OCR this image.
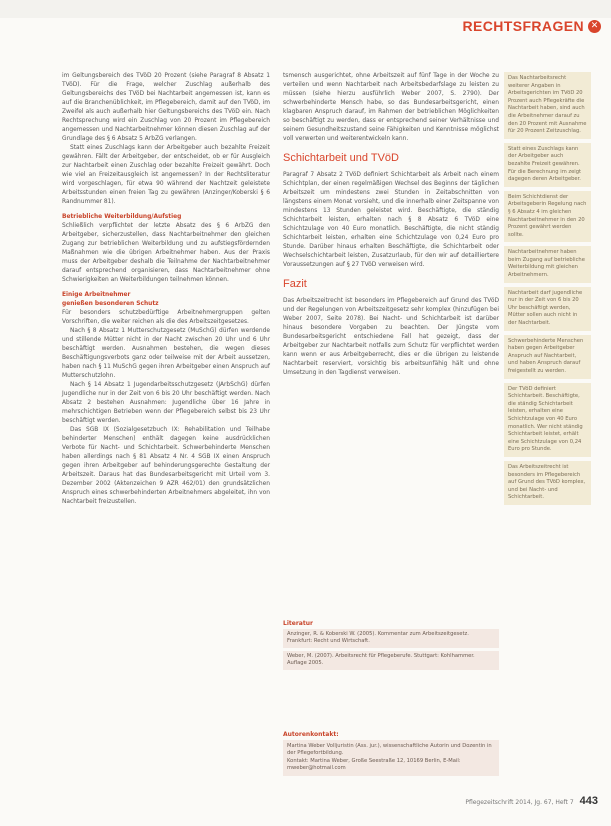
RECHTSFRAGEN ✕

im Geltungsbereich des TVöD 20 Prozent (siehe Paragraf 8 Absatz 1 TVöD). Für die Frage, welcher Zuschlag außerhalb des Geltungsbereichs des TVöD bei Nachtarbeit angemessen ist, kann es auf die Branchenüblichkeit, im Pflegebereich, damit auf den TVöD, im Zweifel als auch außerhalb hier Geltungsbereichs des TVöD ein. Nach Rechtsprechung wird ein Zuschlag von 20 Prozent im Pflegebereich angemessen und Nachtarbeitnehmer können diesen Zuschlag auf der Grundlage des § 6 Absatz 5 ArbZG verlangen.

Statt eines Zuschlags kann der Arbeitgeber auch bezahlte Freizeit gewähren. Fällt der Arbeitgeber, der entscheidet, ob er für Ausgleich zur Nachtarbeit einen Zuschlag oder bezahlte Freizeit gewährt. Doch wie viel an Freizeitausgleich ist angemessen? In der Rechtsliteratur wird vorgeschlagen, für etwa 90 während der Nachtzeit geleistete Arbeitsstunden einen freien Tag zu gewähren (Anzinger/Koberski § 6 Randnummer 81).

Betriebliche Weiterbildung/Aufstieg

Schließlich verpflichtet der letzte Absatz des § 6 ArbZG den Arbeitgeber, sicherzustellen, dass Nachtarbeitnehmer den gleichen Zugang zur betrieblichen Weiterbildung und zu aufstiegsfördernden Maßnahmen wie die übrigen Arbeitnehmer haben. Aus der Praxis muss der Arbeitgeber deshalb die Teilnahme der Nachtarbeitnehmer darauf entsprechend organisieren, dass Nachtarbeitnehmer ohne Schwierigkeiten an Weiterbildungen teilnehmen können.

Einige Arbeitnehmer
genießen besonderen Schutz

Für besonders schutzbedürftige Arbeitnehmergruppen gelten Vorschriften, die weiter reichen als die des Arbeitszeitgesetzes.

Nach § 8 Absatz 1 Mutterschutzgesetz (MuSchG) dürfen werdende und stillende Mütter nicht in der Nacht zwischen 20 Uhr und 6 Uhr beschäftigt werden. Ausnahmen bestehen, die wegen dieses Beschäftigungsverbots ganz oder teilweise mit der Arbeit aussetzen, haben nach § 11 MuSchG gegen ihren Arbeitgeber einen Anspruch auf Mutterschutzlohn.

Nach § 14 Absatz 1 Jugendarbeitsschutzgesetz (JArbSchG) dürfen Jugendliche nur in der Zeit von 6 bis 20 Uhr beschäftigt werden. Nach Absatz 2 bestehen Ausnahmen: Jugendliche über 16 Jahre in mehrschichtigen Betrieben wenn der Pflegebereich selbst bis 23 Uhr beschäftigt werden.

Das SGB IX (Sozialgesetzbuch IX: Rehabilitation und Teilhabe behinderter Menschen) enthält dagegen keine ausdrücklichen Verbote für Nacht- und Schichtarbeit. Schwerbehinderte Menschen haben allerdings nach § 81 Absatz 4 Nr. 4 SGB IX einen Anspruch gegen ihren Arbeitgeber auf behinderungsgerechte Gestaltung der Arbeitszeit. Daraus hat das Bundesarbeitsgericht mit Urteil vom 3. Dezember 2002 (Aktenzeichen 9 AZR 462/01) den grundsätzlichen Anspruch eines schwerbehinderten Arbeitnehmers abgeleitet, ihn von Nachtarbeit freizustellen.

tsmensch ausgerichtet, ohne Arbeitszeit auf fünf Tage in der Woche zu verteilen und wenn Nachtarbeit nach Arbeitsbedarfslage zu leisten zu müssen (siehe hierzu ausführlich Weber 2007, S. 2790). Der schwerbehinderte Mensch habe, so das Bundesarbeitsgericht, einen klagbaren Anspruch darauf, im Rahmen der betrieblichen Möglichkeiten so beschäftigt zu werden, dass er entsprechend seiner Verhältnisse und seinem Gesundheitszustand seine Fähigkeiten und Kenntnisse möglichst voll verwerten und weiterentwickeln kann.

Schichtarbeit und TVöD

Paragraf 7 Absatz 2 TVöD definiert Schichtarbeit als Arbeit nach einem Schichtplan, der einen regelmäßigen Wechsel des Beginns der täglichen Arbeitszeit um mindestens zwei Stunden in Zeitabschnitten von längstens einem Monat vorsieht, und die innerhalb einer Zeitspanne von mindestens 13 Stunden geleistet wird. Beschäftigte, die ständig Schichtarbeit leisten, erhalten nach § 8 Absatz 6 TVöD eine Schichtzulage von 40 Euro monatlich. Beschäftigte, die nicht ständig Schichtarbeit leisten, erhalten eine Schichtzulage von 0,24 Euro pro Stunde. Darüber hinaus erhalten Beschäftigte, die Schichtarbeit oder Wechselschichtarbeit leisten, Zusatzurlaub, für den wir auf detailliertere Voraussetzungen auf § 27 TVöD verweisen wird.

Fazit

Das Arbeitszeitrecht ist besonders im Pflegebereich auf Grund des TVöD und der Regelungen von Arbeitszeitgesetz sehr komplex (hinzufügen bei Weber 2007, Seite 2078). Bei Nacht- und Schichtarbeit ist darüber hinaus besondere Vorgaben zu beachten. Der Jüngste vom Bundesarbeitsgericht entschiedene Fall hat gezeigt, dass der Arbeitgeber zur Nachtarbeit notfalls zum Schutz für verpflichtet werden kann wenn er aus Arbeitgeberrecht, dies er die übrigen zu leistende Nachtarbeit reserviert, vorsichtig bis arbeitsunfähig hält und ohne Umsetzung in den Tagdienst verweisen.

Literatur
Anzinger, R. & Koberski W. (2005). Kommentar zum Arbeitszeitgesetz. Frankfurt: Recht und Wirtschaft.
Weber, M. (2007). Arbeitsrecht für Pflegeberufe. Stuttgart: Kohlhammer. Auflage 2005.
Autorenkontakt:
Martina Weber Volljuristin (Ass. jur.), wissenschaftliche Autorin und Dozentin in der Pflegefortbildung.
Kontakt: Martina Weber, Große Seestraße 12, 10169 Berlin, E-Mail: mweber@hotmail.com
Das Nachtarbeitsrecht weiterer Angaben in Arbeitsgerichten im TVöD 20 Prozent auch Pflegekräfte die Nachtarbeit haben, sind auch die Arbeitnehmer darauf zu den 20 Prozent mit Ausnahme für 20 Prozent Zeitzuschlag.
Statt eines Zuschlags kann der Arbeitgeber auch bezahlte Freizeit gewähren. Für die Berechnung im zeigt dagegen deren Arbeitgeber.
Beim Schichtdienst der Arbeitsgeberin Regelung nach § 6 Absatz 4 im gleichen Nachtarbeitnehmer in den 20 Prozent gewährt werden sollte.
Nachtarbeitnehmer haben beim Zugang auf betriebliche Weiterbildung mit gleichen Arbeitnehmern.
Nachtarbeit darf jugendliche nur in der Zeit von 6 bis 20 Uhr beschäftigt werden, Mütter sollen auch nicht in der Nachtarbeit.
Schwerbehinderte Menschen haben gegen Arbeitgeber Anspruch auf Nachtarbeit, und haben Anspruch darauf freigestellt zu werden.
Der TVöD definiert Schichtarbeit. Beschäftigte, die ständig Schichtarbeit leisten, erhalten eine Schichtzulage von 40 Euro monatlich. Wer nicht ständig Schichtarbeit leistet, erhält eine Schichtzulage von 0,24 Euro pro Stunde.
Das Arbeitszeitrecht ist besonders im Pflegebereich auf Grund des TVöD komplex, und bei Nacht- und Schichtarbeit.
Pflegezeitschrift 2014, Jg. 67, Heft 7 443
